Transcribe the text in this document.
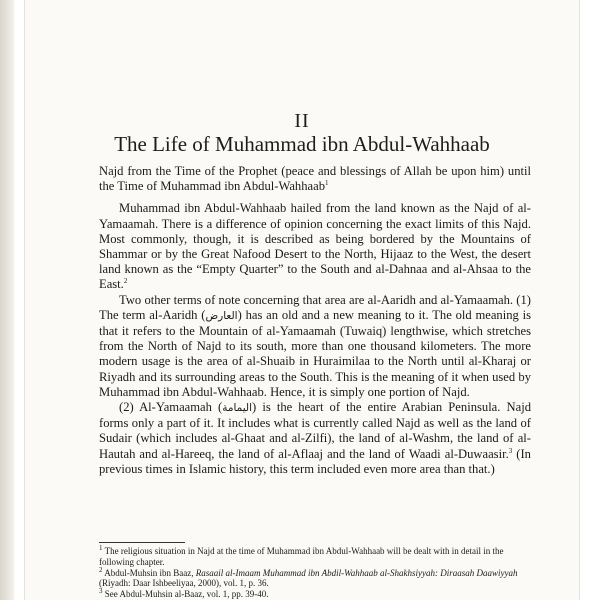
II
The Life of Muhammad ibn Abdul-Wahhaab

Najd from the Time of the Prophet (peace and blessings of Allah be upon him) until the Time of Muhammad ibn Abdul-Wahhaab$^1$

Muhammad ibn Abdul-Wahhaab hailed from the land known as the Najd of al-Yamaamah. There is a difference of opinion concerning the exact limits of this Najd. Most commonly, though, it is described as being bordered by the Mountains of Shammar or by the Great Nafood Desert to the North, Hijaaz to the West, the desert land known as the “Empty Quarter” to the South and al-Dahnaa and al-Ahsaa to the East.$^2$

Two other terms of note concerning that area are al-Aaridh and al-Yamaamah. (1) The term al-Aaridh (العارض) has an old and a new meaning to it. The old meaning is that it refers to the Mountain of al-Yamaamah (Tuwaiq) lengthwise, which stretches from the North of Najd to its south, more than one thousand kilometers. The more modern usage is the area of al-Shuaib in Huraimilaa to the North until al-Kharaj or Riyadh and its surrounding areas to the South. This is the meaning of it when used by Muhammad ibn Abdul-Wahhaab. Hence, it is simply one portion of Najd.

(2) Al-Yamaamah (اليمامة) is the heart of the entire Arabian Peninsula. Najd forms only a part of it. It includes what is currently called Najd as well as the land of Sudair (which includes al-Ghaat and al-Zilfi), the land of al-Washm, the land of al-Hautah and al-Hareeq, the land of al-Aflaaj and the land of Waadi al-Duwaasir.$^3$ (In previous times in Islamic history, this term included even more area than that.)

$^1$ The religious situation in Najd at the time of Muhammad ibn Abdul-Wahhaab will be dealt with in detail in the following chapter.

$^2$ Abdul-Muhsin ibn Baaz, Rasaail al-Imaam Muhammad ibn Abdil-Wahhaab al-Shakhsiyyah: Diraasah Daawiyyah (Riyadh: Daar Ishbeeliyaa, 2000), vol. 1, p. 36.

$^3$ See Abdul-Muhsin al-Baaz, vol. 1, pp. 39-40.
